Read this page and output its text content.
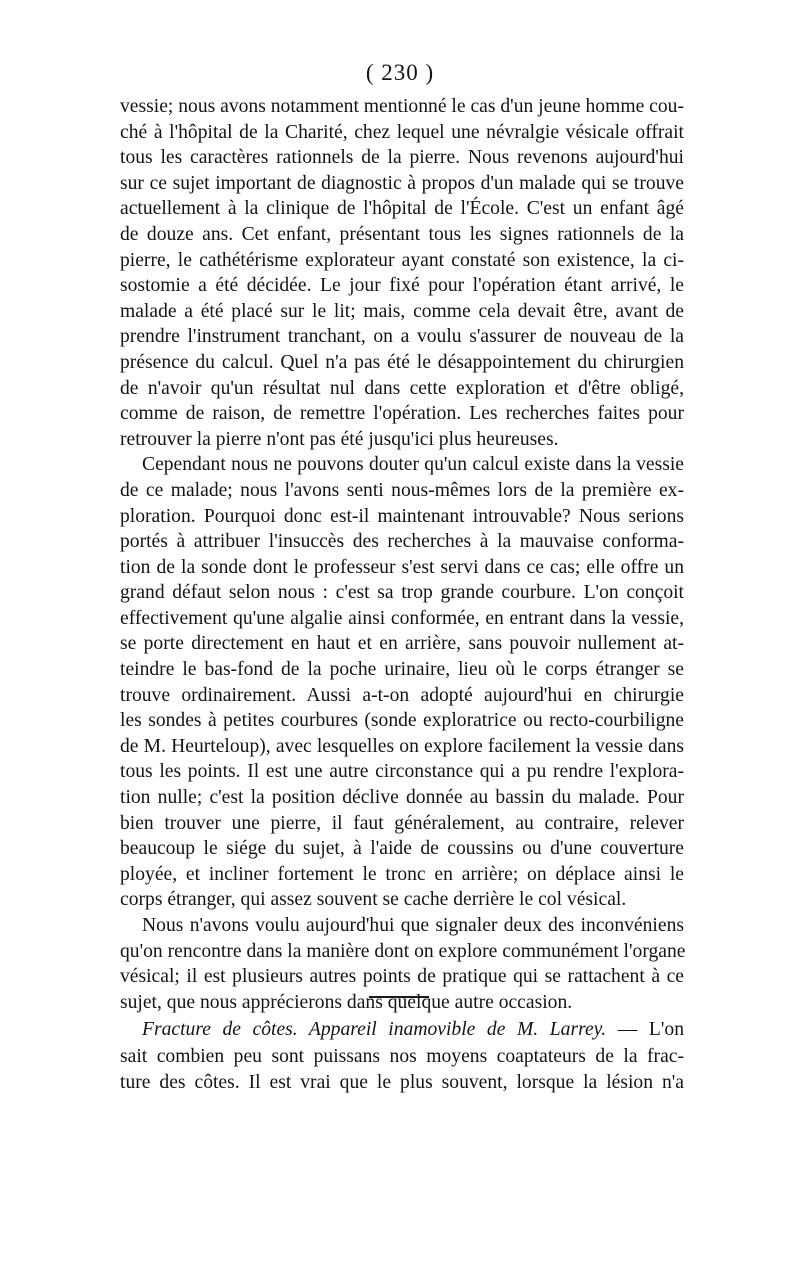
( 230 )

vessie; nous avons notamment mentionné le cas d'un jeune homme cou-
ché à l'hôpital de la Charité, chez lequel une névralgie vésicale offrait
tous les caractères rationnels de la pierre. Nous revenons aujourd'hui
sur ce sujet important de diagnostic à propos d'un malade qui se trouve
actuellement à la clinique de l'hôpital de l'École. C'est un enfant âgé
de douze ans. Cet enfant, présentant tous les signes rationnels de la
pierre, le cathétérisme explorateur ayant constaté son existence, la ci-
sostomie a été décidée. Le jour fixé pour l'opération étant arrivé, le
malade a été placé sur le lit; mais, comme cela devait être, avant de
prendre l'instrument tranchant, on a voulu s'assurer de nouveau de la
présence du calcul. Quel n'a pas été le désappointement du chirurgien
de n'avoir qu'un résultat nul dans cette exploration et d'être obligé,
comme de raison, de remettre l'opération. Les recherches faites pour
retrouver la pierre n'ont pas été jusqu'ici plus heureuses.

Cependant nous ne pouvons douter qu'un calcul existe dans la vessie
de ce malade; nous l'avons senti nous-mêmes lors de la première ex-
ploration. Pourquoi donc est-il maintenant introuvable? Nous serions
portés à attribuer l'insuccès des recherches à la mauvaise conforma-
tion de la sonde dont le professeur s'est servi dans ce cas; elle offre un
grand défaut selon nous : c'est sa trop grande courbure. L'on conçoit
effectivement qu'une algalie ainsi conformée, en entrant dans la vessie,
se porte directement en haut et en arrière, sans pouvoir nullement at-
teindre le bas-fond de la poche urinaire, lieu où le corps étranger se
trouve ordinairement. Aussi a-t-on adopté aujourd'hui en chirurgie
les sondes à petites courbures (sonde exploratrice ou recto-courbiligne
de M. Heurteloup), avec lesquelles on explore facilement la vessie dans
tous les points. Il est une autre circonstance qui a pu rendre l'explora-
tion nulle; c'est la position déclive donnée au bassin du malade. Pour
bien trouver une pierre, il faut généralement, au contraire, relever
beaucoup le siége du sujet, à l'aide de coussins ou d'une couverture
ployée, et incliner fortement le tronc en arrière; on déplace ainsi le
corps étranger, qui assez souvent se cache derrière le col vésical.

Nous n'avons voulu aujourd'hui que signaler deux des inconvéniens
qu'on rencontre dans la manière dont on explore communément l'organe
vésical; il est plusieurs autres points de pratique qui se rattachent à ce
sujet, que nous apprécierons dans quelque autre occasion.

Fracture de côtes. Appareil inamovible de M. Larrey. — L'on
sait combien peu sont puissans nos moyens coaptateurs de la frac-
ture des côtes. Il est vrai que le plus souvent, lorsque la lésion n'a
